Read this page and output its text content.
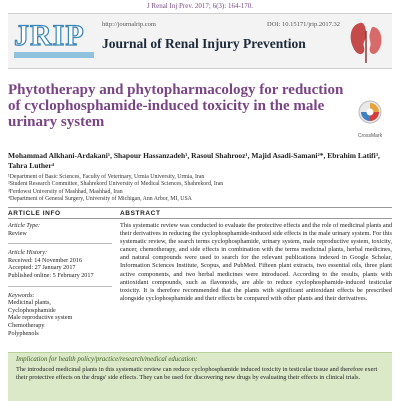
J Renal Inj Prev. 2017; 6(3): 164-170.
JRIP	http://journalrip.com
Journal of Renal Injury Prevention
DOI: 10.15171/jrip.2017.32
Phytotherapy and phytopharmacology for reduction of cyclophosphamide-induced toxicity in the male urinary system
CrossMark
Mohammad Alkhani-Ardakani¹, Shapour Hassanzadeh¹, Rasoul Shahrooz¹, Majid Asadi-Samani²*, Ebrahim Latifi³, Tahra Luther⁴
¹Department of Basic Sciences, Faculty of Veterinary, Urmia University, Urmia, Iran
²Student Research Committee, Shahrekord University of Medical Sciences, Shahrekord, Iran
³Ferdowsi University of Mashhad, Mashhad, Iran
⁴Department of General Surgery, University of Michigan, Ann Arbor, MI, USA
ARTICLE INFO	ABSTRACT
Article Type:
Review
Article History:
Received: 14 November 2016
Accepted: 27 January 2017
Published online: 5 February 2017
Keywords:
Medicinal plants,
Cyclophosphamide
Male reproductive system
Chemotherapy
Polyphenols

This systematic review was conducted to evaluate the protective effects and the role of medicinal plants and their derivatives in reducing the cyclophosphamide-induced side effects in the male urinary system. For this systematic review, the search terms cyclophosphamide, urinary system, male reproductive system, toxicity, cancer, chemotherapy, and side effects in combination with the terms medicinal plants, herbal medicines, and natural compounds were used to search for the relevant publications indexed in Google Scholar, Information Sciences Institute, Scopus, and PubMed. Fifteen plant extracts, two essential oils, three plant active components, and two herbal medicines were introduced. According to the results, plants with antioxidant compounds, such as flavonoids, are able to reduce cyclophosphamide-induced testicular toxicity. It is therefore recommended that the plants with significant antioxidant effects be prescribed alongside cyclophosphamide and their effects be compared with other plants and their derivatives.

Implication for health policy/practice/research/medical education:

The introduced medicinal plants in this systematic review can reduce cyclophosphamide induced toxicity in testicular tissue and therefore exert their protective effects on the drugs' side effects. They can be used for discovering new drugs by evaluating their effects in clinical trials.
